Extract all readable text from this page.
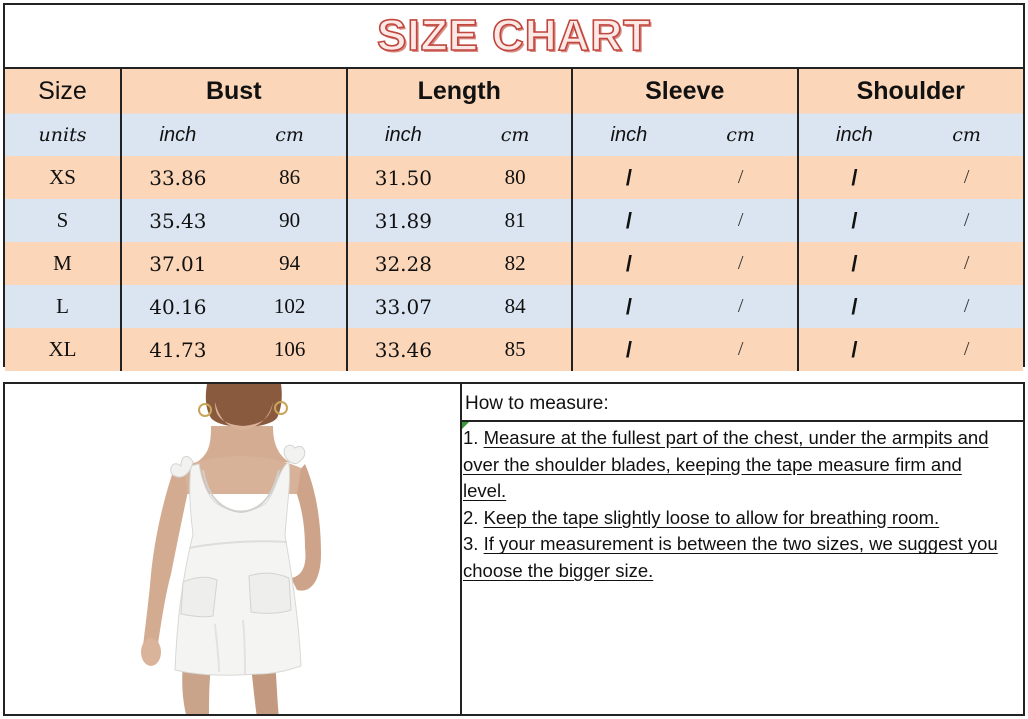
SIZE CHART
Size	Bust		Length		Sleeve		Shoulder	
units	inch	cm	inch	cm	inch	cm	inch	cm
XS	33.86	86	31.50	80	/	/	/	/
S	35.43	90	31.89	81	/	/	/	/
M	37.01	94	32.28	82	/	/	/	/
L	40.16	102	33.07	84	/	/	/	/
XL	41.73	106	33.46	85	/	/	/	/
How to measure:

1. Measure at the fullest part of the chest, under the armpits and over the shoulder blades, keeping the tape measure firm and level.

2. Keep the tape slightly loose to allow for breathing room.

3. If your measurement is between the two sizes, we suggest you choose the bigger size.
